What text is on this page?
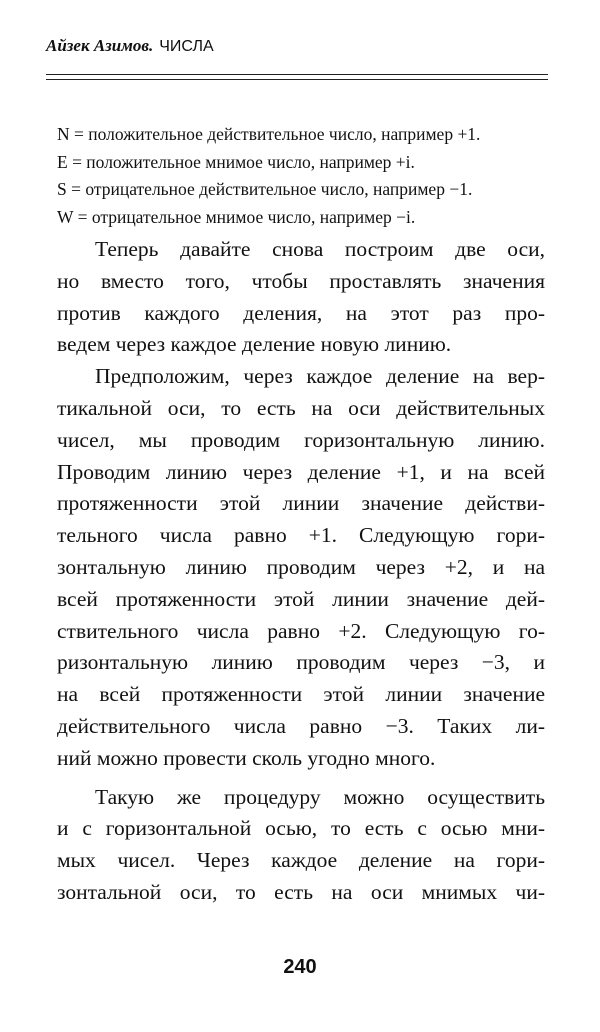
Айзек Азимов. ЧИСЛА
N = положительное действительное число, например +1.
E = положительное мнимое число, например +i.
S = отрицательное действительное число, например −1.
W = отрицательное мнимое число, например −i.
Теперь давайте снова построим две оси,
но вместо того, чтобы проставлять значения
против каждого деления, на этот раз про-
ведем через каждое деление новую линию.
Предположим, через каждое деление на вер-
тикальной оси, то есть на оси действительных
чисел, мы проводим горизонтальную линию.
Проводим линию через деление +1, и на всей
протяженности этой линии значение действи-
тельного числа равно +1. Следующую гори-
зонтальную линию проводим через +2, и на
всей протяженности этой линии значение дей-
ствительного числа равно +2. Следующую го-
ризонтальную линию проводим через −3, и
на всей протяженности этой линии значение
действительного числа равно −3. Таких ли-
ний можно провести сколь угодно много.
Такую же процедуру можно осуществить
и с горизонтальной осью, то есть с осью мни-
мых чисел. Через каждое деление на гори-
зонтальной оси, то есть на оси мнимых чи-
240
